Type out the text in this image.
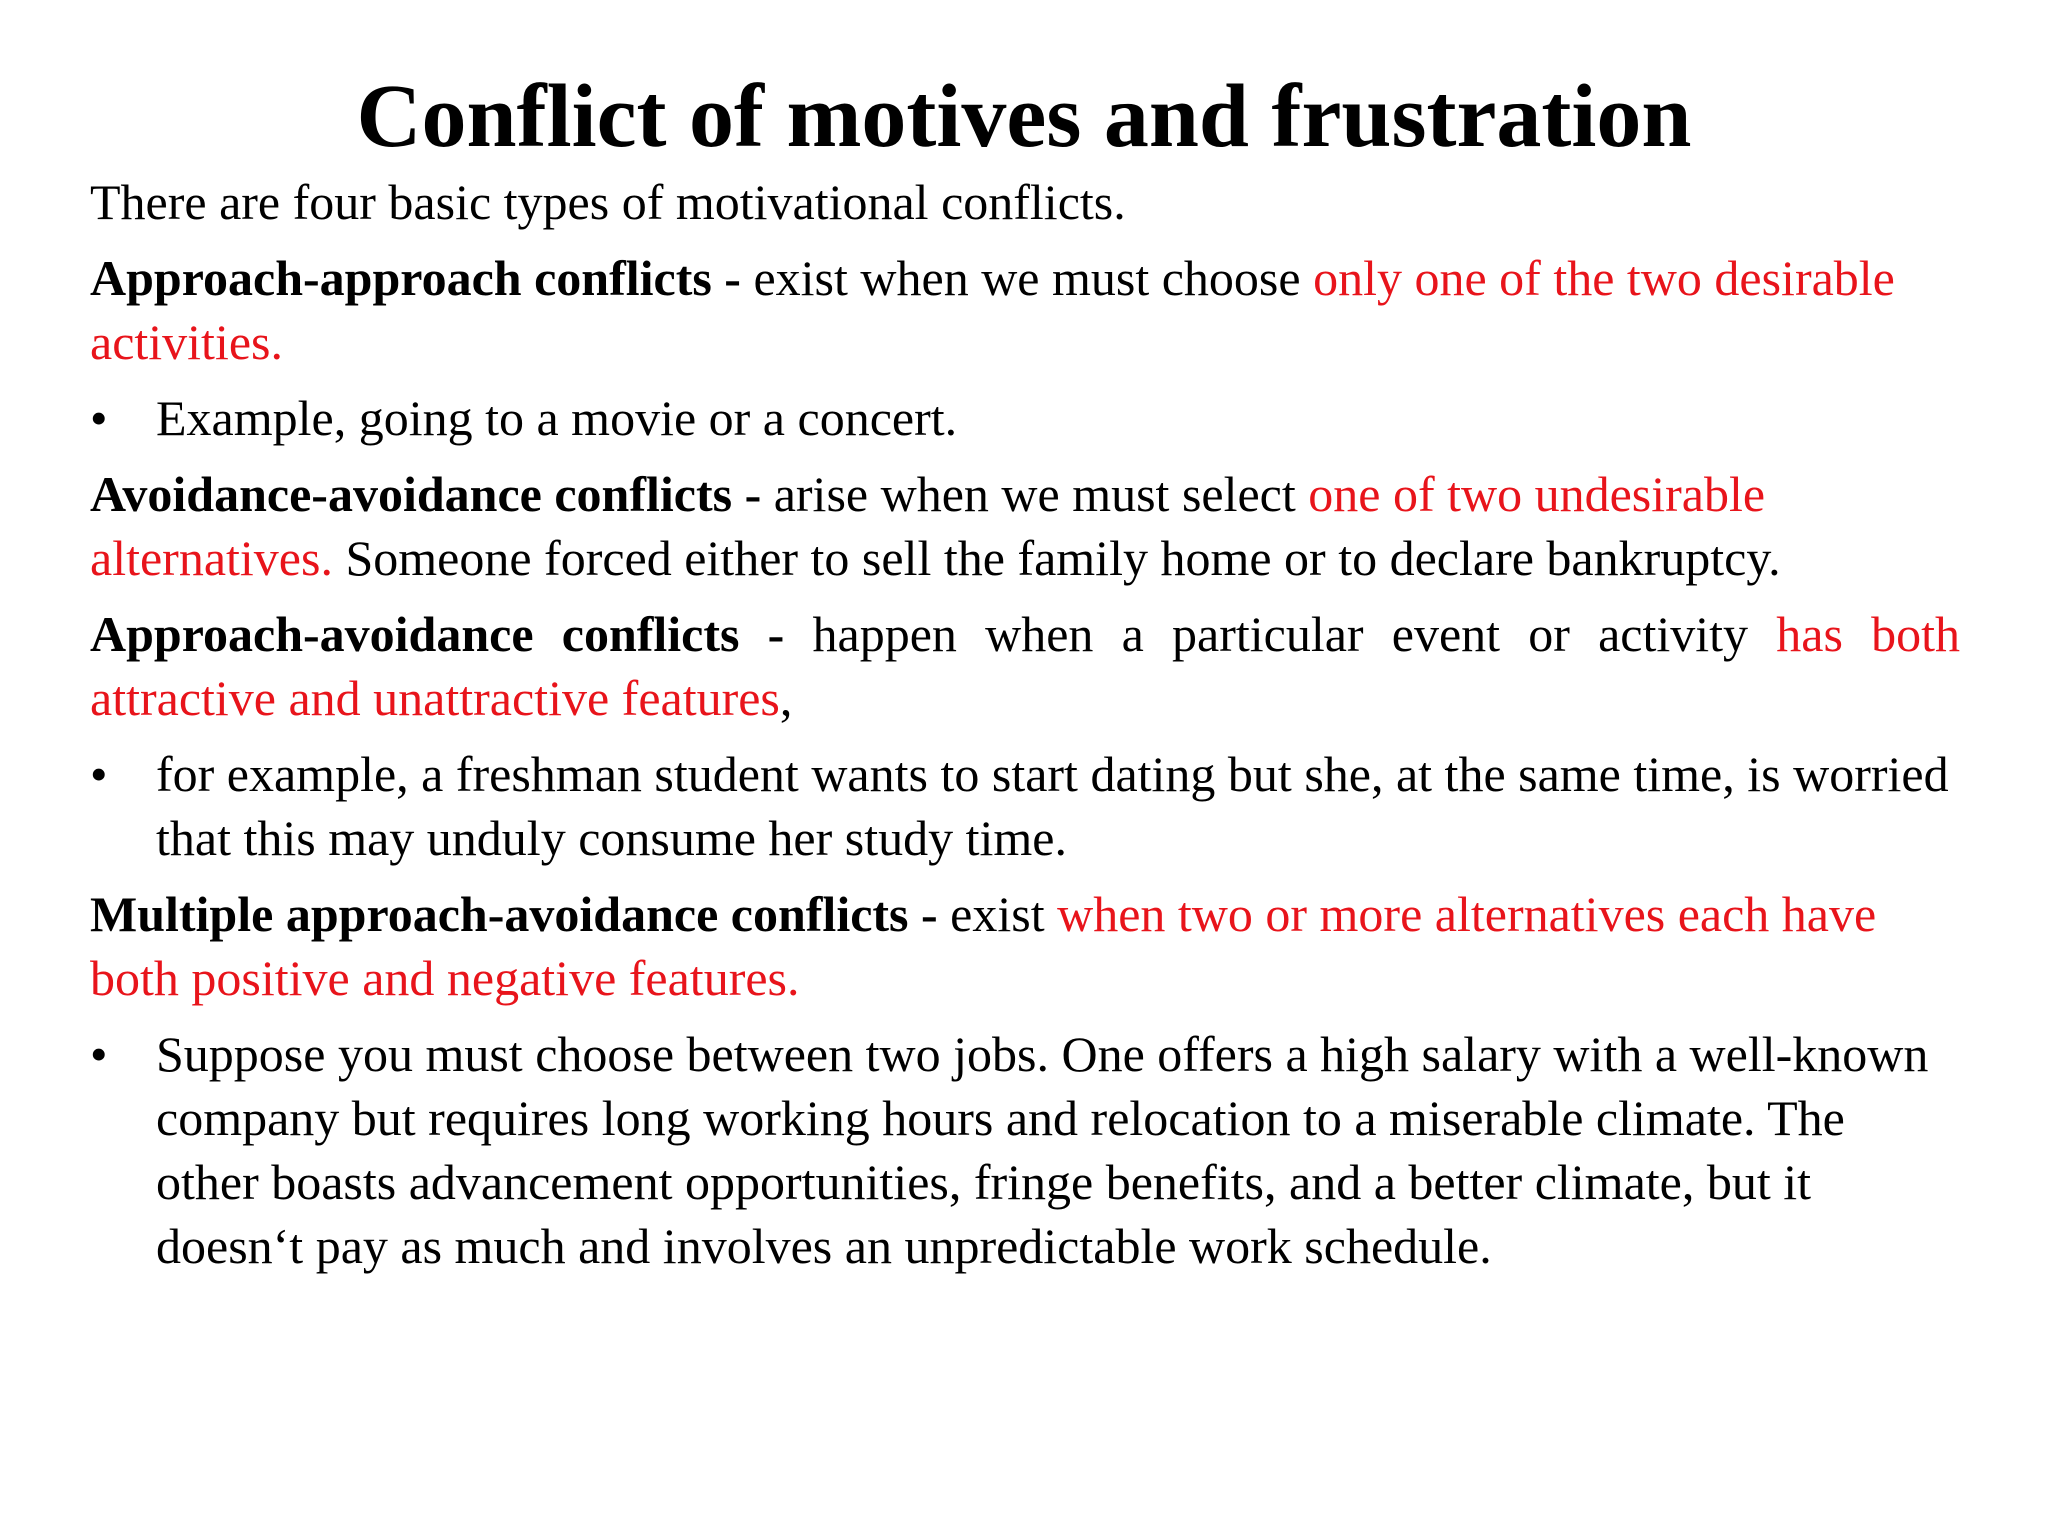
Conflict of motives and frustration

There are four basic types of motivational conflicts.

Approach-approach conflicts - exist when we must choose only one of the two desirable activities.

• Example, going to a movie or a concert.

Avoidance-avoidance conflicts - arise when we must select one of two undesirable alternatives. Someone forced either to sell the family home or to declare bankruptcy.

Approach-avoidance conflicts - happen when a particular event or activity has both attractive and unattractive features,

• for example, a freshman student wants to start dating but she, at the same time, is worried that this may unduly consume her study time.

Multiple approach-avoidance conflicts - exist when two or more alternatives each have both positive and negative features.

• Suppose you must choose between two jobs. One offers a high salary with a well-known company but requires long working hours and relocation to a miserable climate. The other boasts advancement opportunities, fringe benefits, and a better climate, but it doesn‘t pay as much and involves an unpredictable work schedule.
